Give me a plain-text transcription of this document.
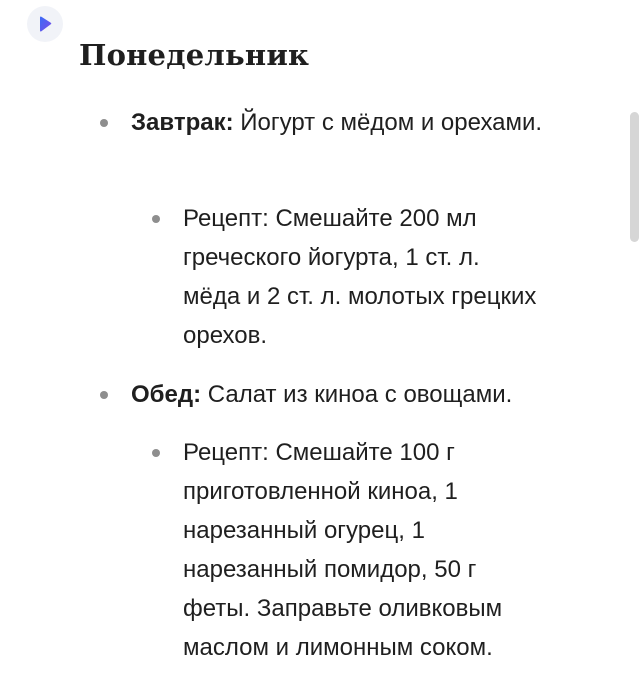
Понедельник
Завтрак: Йогурт с мёдом и орехами.
Рецепт: Смешайте 200 мл
греческого йогурта, 1 ст. л.
мёда и 2 ст. л. молотых грецких
орехов.
Обед: Салат из киноа с овощами.
Рецепт: Смешайте 100 г
приготовленной киноа, 1
нарезанный огурец, 1
нарезанный помидор, 50 г
феты. Заправьте оливковым
маслом и лимонным соком.
